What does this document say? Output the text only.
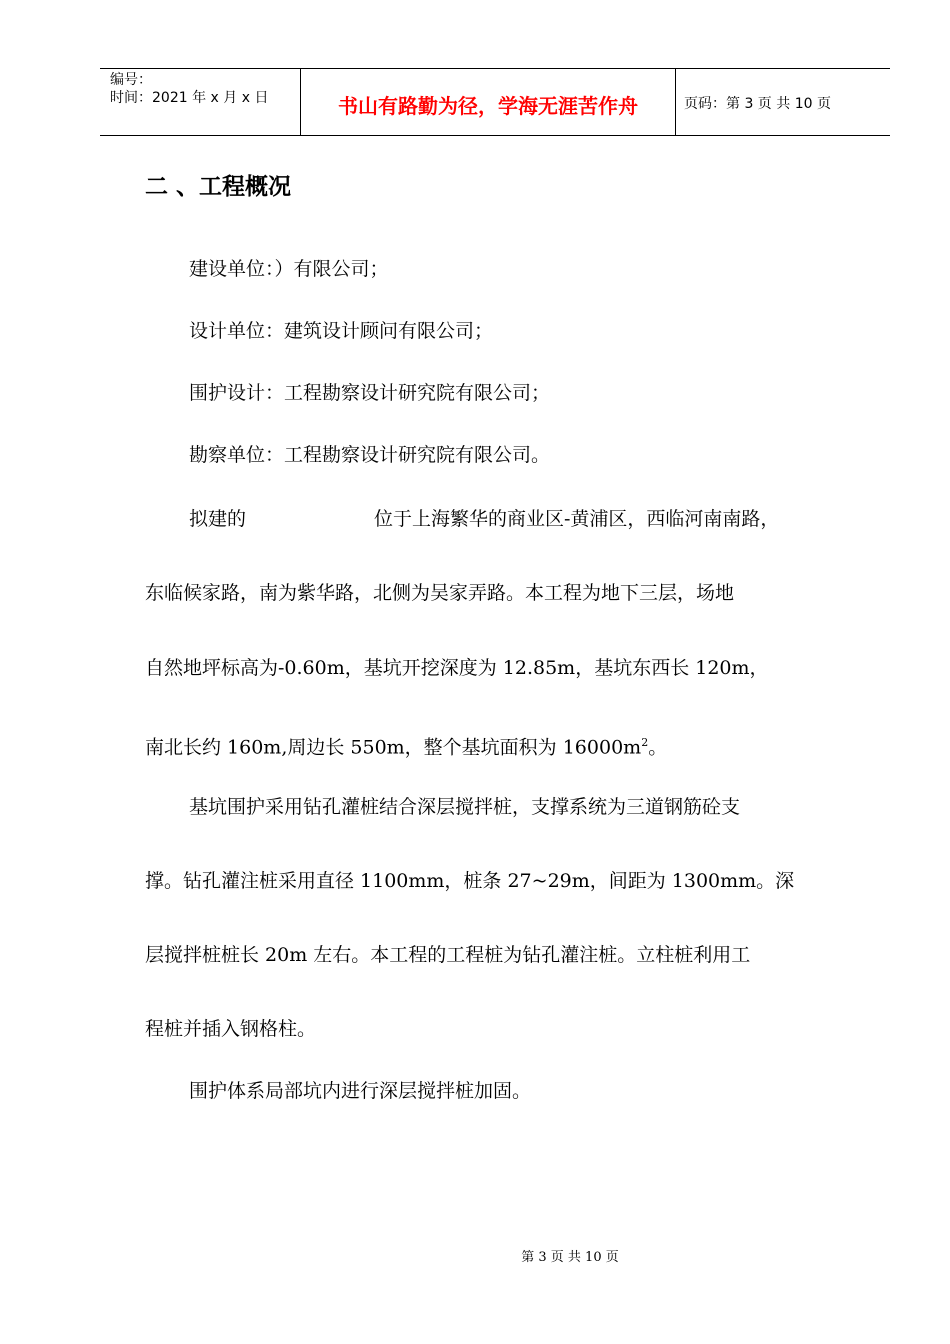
编号：
时间：2021 年 x 月 x 日	书山有路勤为径，学海无涯苦作舟	页码：第 3 页 共 10 页
二 、工程概况
建设单位：）有限公司；
设计单位：建筑设计顾问有限公司；
围护设计：工程勘察设计研究院有限公司；
勘察单位：工程勘察设计研究院有限公司。
拟建的	位于上海繁华的商业区-黄浦区，西临河南南路，
东临候家路，南为紫华路，北侧为吴家弄路。本工程为地下三层，场地
自然地坪标高为-0.60m，基坑开挖深度为 12.85m，基坑东西长 120m，
南北长约 160m,周边长 550m，整个基坑面积为 $16000m^2$。
基坑围护采用钻孔灌桩结合深层搅拌桩，支撑系统为三道钢筋砼支
撑。钻孔灌注桩采用直径 1100mm，桩条 27~29m，间距为 1300mm。深
层搅拌桩桩长 20m 左右。本工程的工程桩为钻孔灌注桩。立柱桩利用工
程桩并插入钢格柱。
围护体系局部坑内进行深层搅拌桩加固。
第 3 页 共 10 页
